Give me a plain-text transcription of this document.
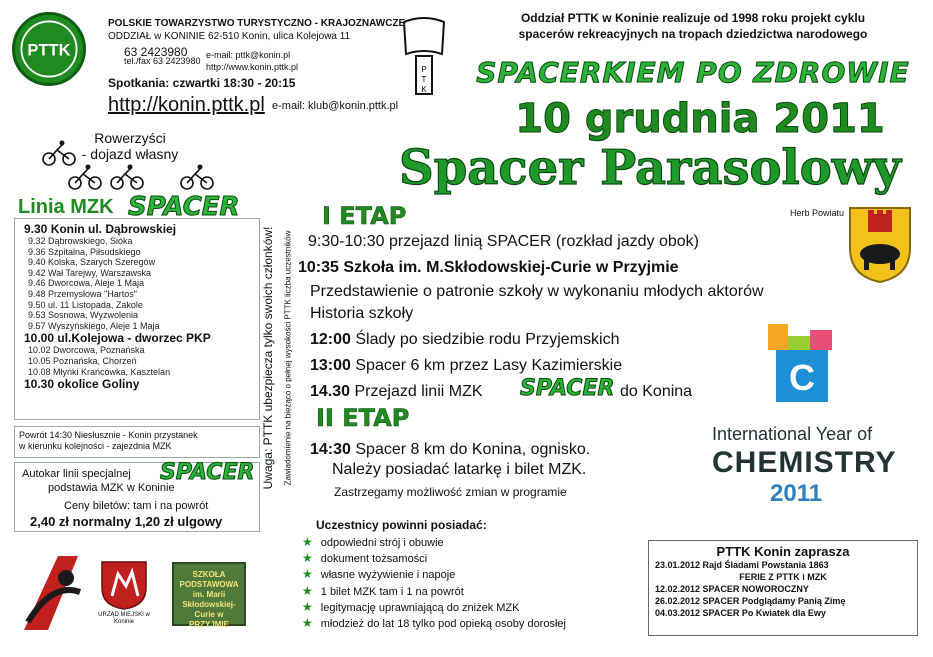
PTTK
POLSKIE TOWARZYSTWO TURYSTYCZNO - KRAJOZNAWCZE
ODDZIAŁ w KONINIE 62-510 Konin, ulica Kolejowa 11
63 2423980
tel./fax 63 2423980
e-mail: pttk@konin.pl
http://www.konin.pttk.pl
Spotkania: czwartki 18:30 - 20:15
http://konin.pttk.pl e-mail: klub@konin.pttk.pl
P
T
K
Oddział PTTK w Koninie realizuje od 1998 roku projekt cyklu
spacerów rekreacyjnych na tropach dziedzictwa narodowego
SPACERKIEM PO ZDROWIE
10 grudnia 2011
Spacer Parasolowy
Rowerzyści
- dojazd własny
Linia MZK SPACER
9.30 Konin ul. Dąbrowskiej
9.32 Dąbrowskiego, Sióka
9.36 Szpitalna, Piłsudskiego
9.40 Kolska, Szarych Szeregów
9.42 Wał Tarejwy, Warszawska
9.46 Dworcowa, Aleje 1 Maja
9.48 Przemysłowa "Hartos"
9.50 ul. 11 Listopada, Zakole
9.53 Sosnowa, Wyzwolenia
9.57 Wyszyńskiego, Aleje 1 Maja
10.00 ul.Kolejowa - dworzec PKP
10.02 Dworcowa, Poznańska
10.05 Poznańska, Chorzeń
10.08 Młyńki Krańcówka, Kasztelan
10.30 okolice Goliny
Powrót 14:30 Niesłusznie - Konin przystanek
w kierunku kolejności - zajezdnia MZK
Autokar linii specjalnej SPACER
podstawia MZK w Koninie
Ceny biletów: tam i na powrót
2,40 zł normalny 1,20 zł ulgowy
Uwaga: PTTK ubezpiecza tylko swoich członków! Zawiadomienie na bieżąco o pełnej wysokości PTTK liczba uczestników
I ETAP
9:30-10:30 przejazd linią SPACER (rozkład jazdy obok)
10:35 Szkoła im. M.Skłodowskiej-Curie w Przyjmie
Przedstawienie o patronie szkoły w wykonaniu młodych aktorów
Historia szkoły
12:00 Ślady po siedzibie rodu Przyjemskich
13:00 Spacer 6 km przez Lasy Kazimierskie
14.30 Przejazd linii MZK SPACER do Konina
II ETAP
14:30 Spacer 8 km do Konina, ognisko.
Należy posiadać latarkę i bilet MZK.
Zastrzegamy możliwość zmian w programie
Uczestnicy powinni posiadać:
★ odpowiedni strój i obuwie
★ dokument tożsamości
★ własne wyżywienie i napoje
★ 1 bilet MZK tam i 1 na powrót
★ legitymację uprawniającą do zniżek MZK
★ młodzież do lat 18 tylko pod opieką osoby dorosłej
Herb Powiatu
C
International Year of
CHEMISTRY
2011
PTTK Konin zaprasza
23.01.2012 Rajd Śladami Powstania 1863
FERIE Z PTTK i MZK
12.02.2012 SPACER NOWOROCZNY
26.02.2012 SPACER Podglądamy Panią Zimę
04.03.2012 SPACER Po Kwiatek dla Ewy
URZĄD MIEJSKI w Koninie
SZKOŁA PODSTAWOWA im. Marii Skłodowskiej-Curie w PRZYJMIE
